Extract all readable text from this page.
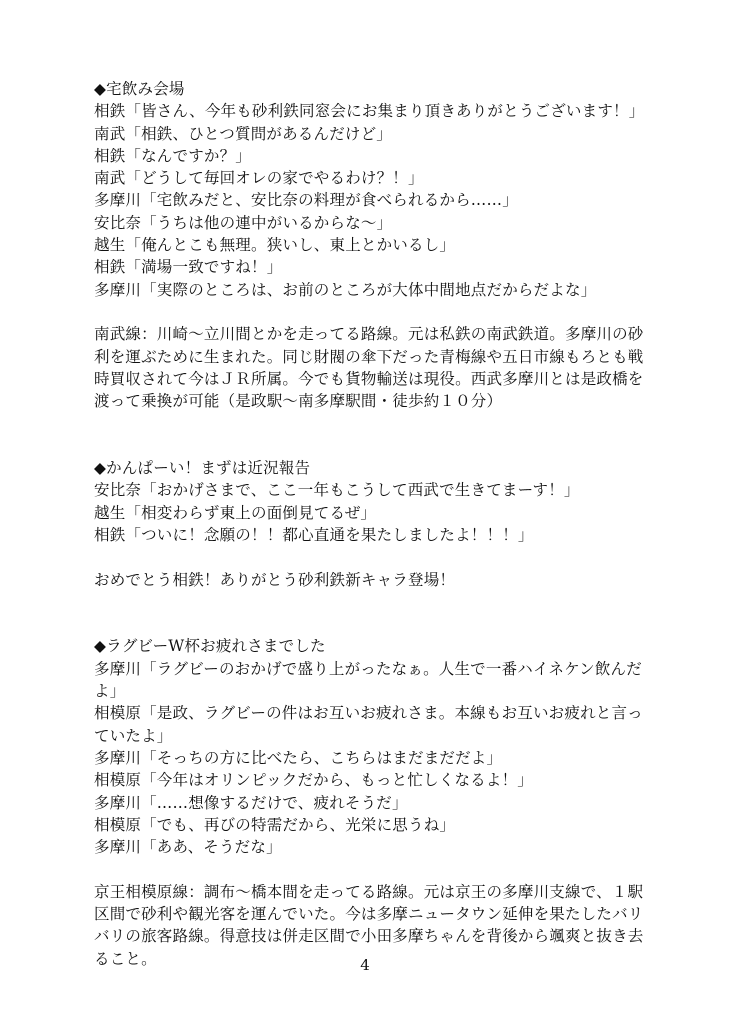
◆宅飲み会場
相鉄「皆さん、今年も砂利鉄同窓会にお集まり頂きありがとうございます！」
南武「相鉄、ひとつ質問があるんだけど」
相鉄「なんですか？」
南武「どうして毎回オレの家でやるわけ？！」
多摩川「宅飲みだと、安比奈の料理が食べられるから……」
安比奈「うちは他の連中がいるからな〜」
越生「俺んとこも無理。狭いし、東上とかいるし」
相鉄「満場一致ですね！」
多摩川「実際のところは、お前のところが大体中間地点だからだよな」
南武線：川崎〜立川間とかを走ってる路線。元は私鉄の南武鉄道。多摩川の砂
利を運ぶために生まれた。同じ財閥の傘下だった青梅線や五日市線もろとも戦
時買収されて今はＪＲ所属。今でも貨物輸送は現役。西武多摩川とは是政橋を
渡って乗換が可能（是政駅〜南多摩駅間・徒歩約１０分）
◆かんぱーい！まずは近況報告
安比奈「おかげさまで、ここ一年もこうして西武で生きてまーす！」
越生「相変わらず東上の面倒見てるぜ」
相鉄「ついに！念願の！！都心直通を果たしましたよ！！！」
おめでとう相鉄！ありがとう砂利鉄新キャラ登場！
◆ラグビーW杯お疲れさまでした
多摩川「ラグビーのおかげで盛り上がったなぁ。人生で一番ハイネケン飲んだ
よ」
相模原「是政、ラグビーの件はお互いお疲れさま。本線もお互いお疲れと言っ
ていたよ」
多摩川「そっちの方に比べたら、こちらはまだまだだよ」
相模原「今年はオリンピックだから、もっと忙しくなるよ！」
多摩川「……想像するだけで、疲れそうだ」
相模原「でも、再びの特需だから、光栄に思うね」
多摩川「ああ、そうだな」
京王相模原線：調布〜橋本間を走ってる路線。元は京王の多摩川支線で、１駅
区間で砂利や観光客を運んでいた。今は多摩ニュータウン延伸を果たしたバリ
バリの旅客路線。得意技は併走区間で小田多摩ちゃんを背後から颯爽と抜き去
ること。	4
